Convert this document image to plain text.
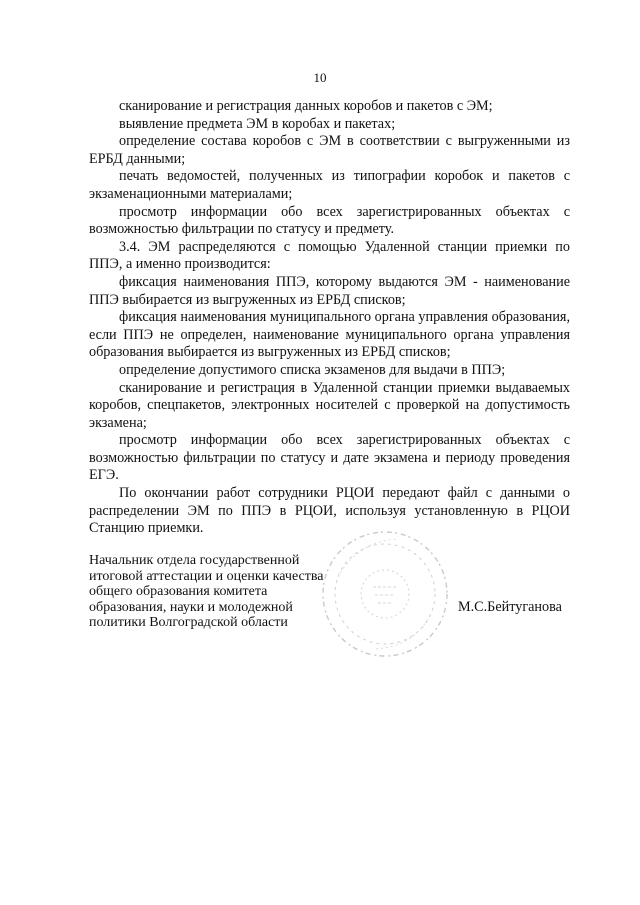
10

сканирование и регистрация данных коробов и пакетов с ЭМ;

выявление предмета ЭМ в коробах и пакетах;

определение состава коробов с ЭМ в соответствии с выгруженными из ЕРБД данными;

печать ведомостей, полученных из типографии коробок и пакетов с экзаменационными материалами;

просмотр информации обо всех зарегистрированных объектах с возможностью фильтрации по статусу и предмету.

3.4. ЭМ распределяются с помощью Удаленной станции приемки по ППЭ, а именно производится:

фиксация наименования ППЭ, которому выдаются ЭМ - наименование ППЭ выбирается из выгруженных из ЕРБД списков;

фиксация наименования муниципального органа управления образования, если ППЭ не определен, наименование муниципального органа управления образования выбирается из выгруженных из ЕРБД списков;

определение допустимого списка экзаменов для выдачи в ППЭ;

сканирование и регистрация в Удаленной станции приемки выдаваемых коробов, спецпакетов, электронных носителей с проверкой на допустимость экзамена;

просмотр информации обо всех зарегистрированных объектах с возможностью фильтрации по статусу и дате экзамена и периоду проведения ЕГЭ.

По окончании работ сотрудники РЦОИ передают файл с данными о распределении ЭМ по ППЭ в РЦОИ, используя установленную в РЦОИ Станцию приемки.

Начальник отдела государственной
итоговой аттестации и оценки качества
общего образования комитета
образования, науки и молодежной
политики Волгоградской области
М.С.Бейтуганова
